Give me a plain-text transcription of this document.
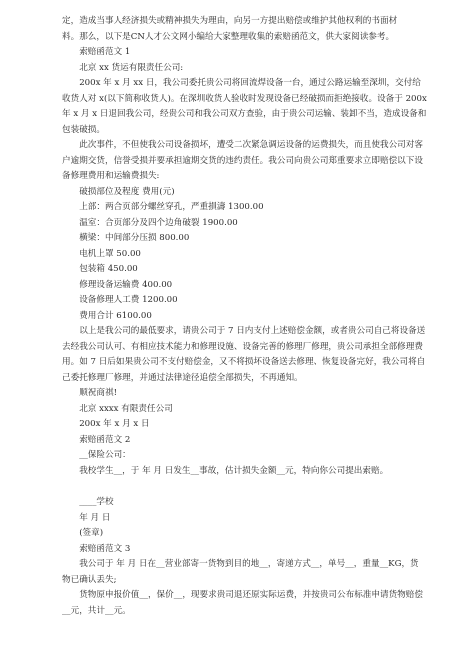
定，造成当事人经济损失或精神损失为理由，向另一方提出赔偿或维护其他权利的书面材

料。那么，以下是CN人才公文网小编给大家整理收集的索赔函范文，供大家阅读参考。

索赔函范文 1

北京 xx 货运有限责任公司:

200x 年 x 月 xx 日，我公司委托贵公司将回流焊设备一台，通过公路运输至深圳，交付给收货人对 x(以下简称收货人)。在深圳收货人验收时发现设备已经破损而拒绝接收。设备于 200x 年 x 月 x 日退回我公司，经贵公司和我公司双方查验，由于贵公司运输、装卸不当，造成设备和包装破损。

此次事件，不但使我公司设备损坏，遭受二次紧急调运设备的运费损失，而且使我公司对客户逾期交货，信誉受损并要承担逾期交货的违约责任。我公司向贵公司郑重要求立即赔偿以下设备修理费用和运输费损失:

破损部位及程度 费用(元)

上部：两合页部分螺丝穿孔，严重損濤 1300.00

温室：合页部分及四个边角破裂 1900.00

横梁：中间部分压损 800.00

电机上罩 50.00

包装箱 450.00

修理设备运输费 400.00

设备修理人工费 1200.00

费用合计 6100.00

以上是我公司的最低要求，请贵公司于 7 日内支付上述赔偿金额，或者贵公司自己将设备送去经我公司认可、有相应技术能力和修理设施、设备完善的修理厂修理，贵公司承担全部修理费用。如 7 日后如果贵公司不支付赔偿金，又不将损坏设备送去修理、恢复设备完好，我公司将自己委托修理厂修理，并通过法律途径追偿全部损失，不再通知。

顺祝商祺!

北京 xxxx 有限责任公司

200x 年 x 月 x 日

索赔函范文 2

__保险公司：

我校学生__，于 年 月 日发生__事故，估计损失金额__元，特向你公司提出索赔。

____学校

年 月 日

(签章)

索赔函范文 3

我公司于 年 月 日在__营业部寄一货物到目的地__，寄递方式__，单号__，重量__KG，货物已确认丢失;

货物原申报价值__，保价__，现要求贵司退还原实际运费，并按贵司公布标准申请货物赔偿__元，共计__元。
